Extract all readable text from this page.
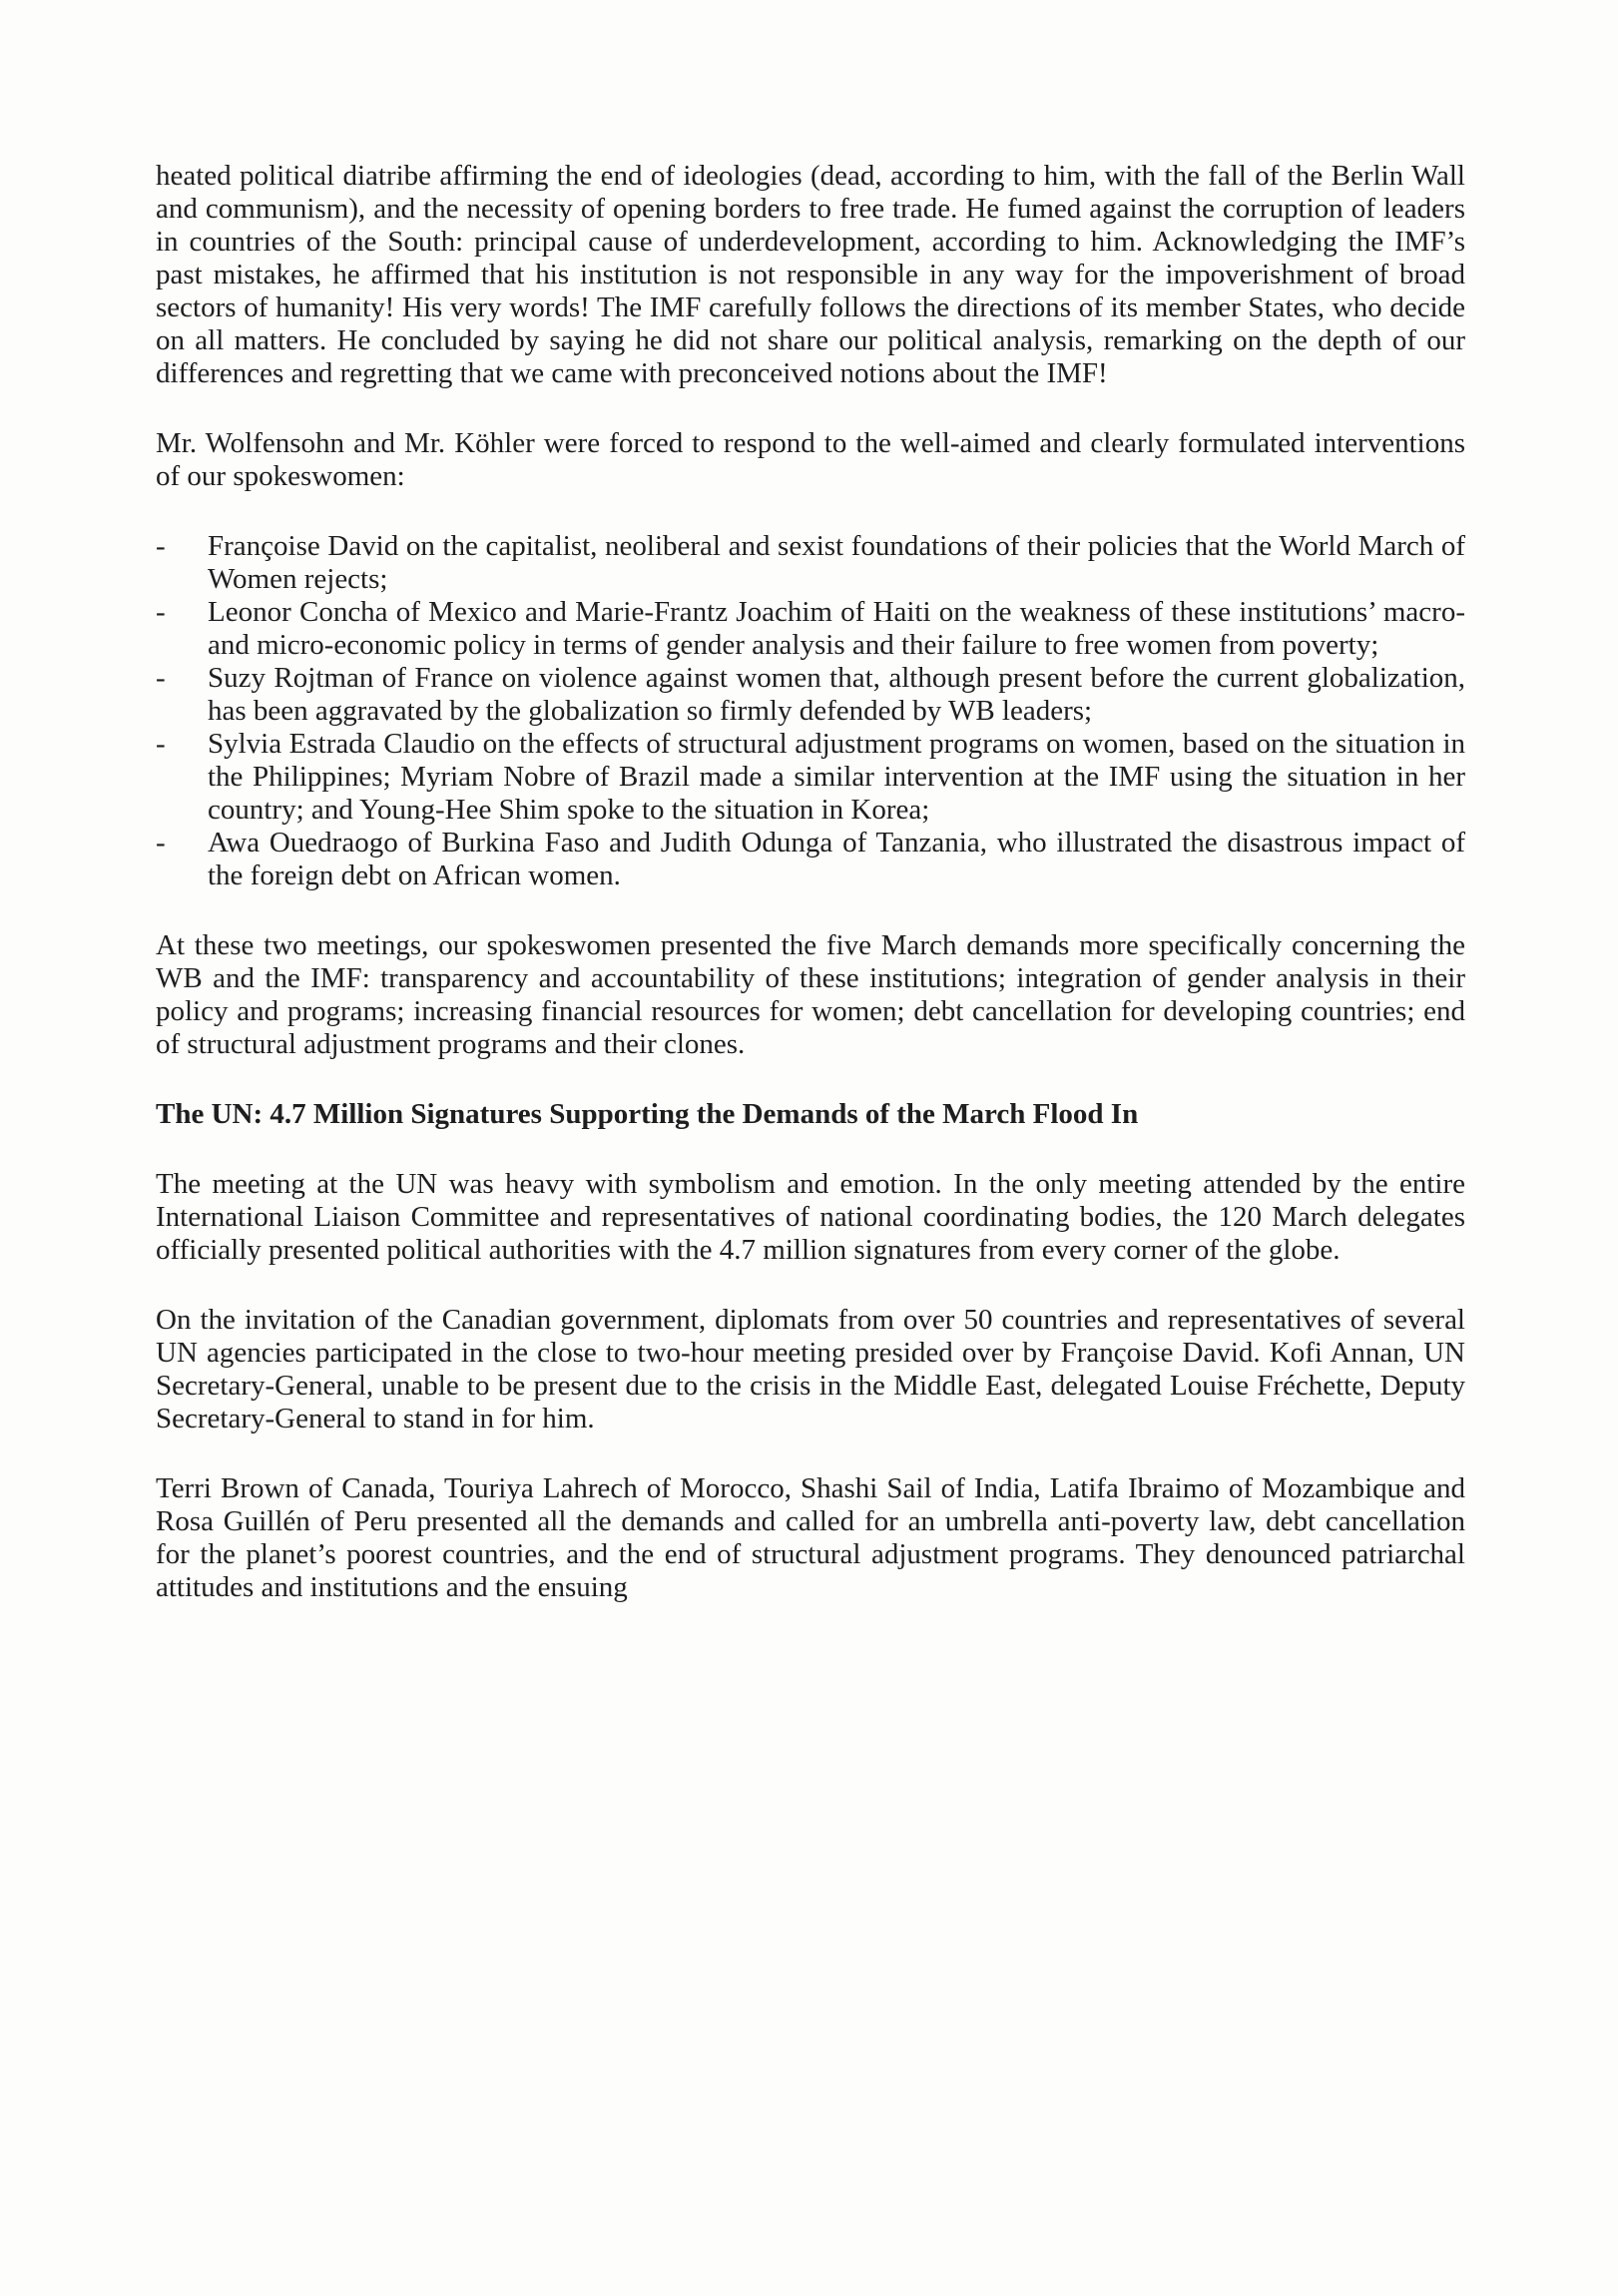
heated political diatribe affirming the end of ideologies (dead, according to him, with the fall of the Berlin Wall and communism), and the necessity of opening borders to free trade. He fumed against the corruption of leaders in countries of the South: principal cause of underdevelopment, according to him. Acknowledging the IMF’s past mistakes, he affirmed that his institution is not responsible in any way for the impoverishment of broad sectors of humanity! His very words! The IMF carefully follows the directions of its member States, who decide on all matters. He concluded by saying he did not share our political analysis, remarking on the depth of our differences and regretting that we came with preconceived notions about the IMF!

Mr. Wolfensohn and Mr. Köhler were forced to respond to the well-aimed and clearly formulated interventions of our spokeswomen:

- Françoise David on the capitalist, neoliberal and sexist foundations of their policies that the World March of Women rejects;
- Leonor Concha of Mexico and Marie-Frantz Joachim of Haiti on the weakness of these institutions’ macro- and micro-economic policy in terms of gender analysis and their failure to free women from poverty;
- Suzy Rojtman of France on violence against women that, although present before the current globalization, has been aggravated by the globalization so firmly defended by WB leaders;
- Sylvia Estrada Claudio on the effects of structural adjustment programs on women, based on the situation in the Philippines; Myriam Nobre of Brazil made a similar intervention at the IMF using the situation in her country; and Young-Hee Shim spoke to the situation in Korea;
- Awa Ouedraogo of Burkina Faso and Judith Odunga of Tanzania, who illustrated the disastrous impact of the foreign debt on African women.

At these two meetings, our spokeswomen presented the five March demands more specifically concerning the WB and the IMF: transparency and accountability of these institutions; integration of gender analysis in their policy and programs; increasing financial resources for women; debt cancellation for developing countries; end of structural adjustment programs and their clones.

The UN: 4.7 Million Signatures Supporting the Demands of the March Flood In

The meeting at the UN was heavy with symbolism and emotion. In the only meeting attended by the entire International Liaison Committee and representatives of national coordinating bodies, the 120 March delegates officially presented political authorities with the 4.7 million signatures from every corner of the globe.

On the invitation of the Canadian government, diplomats from over 50 countries and representatives of several UN agencies participated in the close to two-hour meeting presided over by Françoise David. Kofi Annan, UN Secretary-General, unable to be present due to the crisis in the Middle East, delegated Louise Fréchette, Deputy Secretary-General to stand in for him.

Terri Brown of Canada, Touriya Lahrech of Morocco, Shashi Sail of India, Latifa Ibraimo of Mozambique and Rosa Guillén of Peru presented all the demands and called for an umbrella anti-poverty law, debt cancellation for the planet’s poorest countries, and the end of structural adjustment programs. They denounced patriarchal attitudes and institutions and the ensuing
